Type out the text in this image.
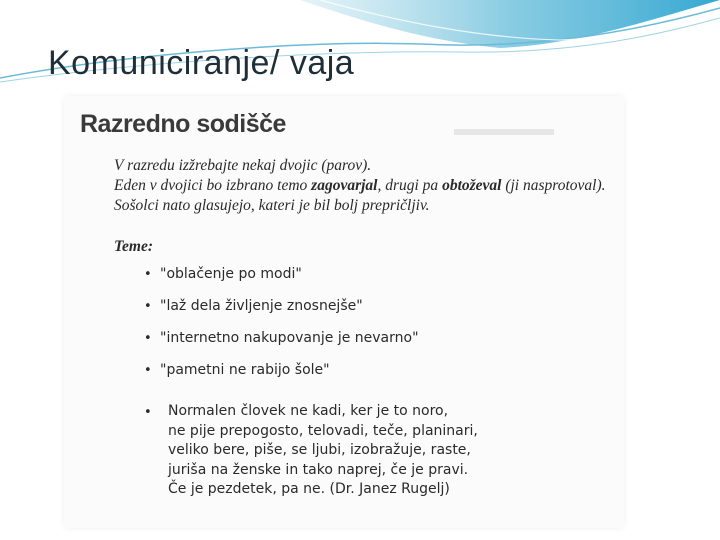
Komuniciranje/ vaja
▬▬▬▬▬
Razredno sodišče
V razredu izžrebajte nekaj dvojic (parov).
Eden v dvojici bo izbrano temo zagovarjal, drugi pa obtoževal (ji nasprotoval).
Sošolci nato glasujejo, kateri je bil bolj prepričljiv.
Teme:
• "oblačenje po modi"
• "laž dela življenje znosnejše"
• "internetno nakupovanje je nevarno"
• "pametni ne rabijo šole"
• Normalen človek ne kadi, ker je to noro,
ne pije prepogosto, telovadi, teče, planinari,
veliko bere, piše, se ljubi, izobražuje, raste,
juriša na ženske in tako naprej, če je pravi.
Če je pezdetek, pa ne. (Dr. Janez Rugelj)
